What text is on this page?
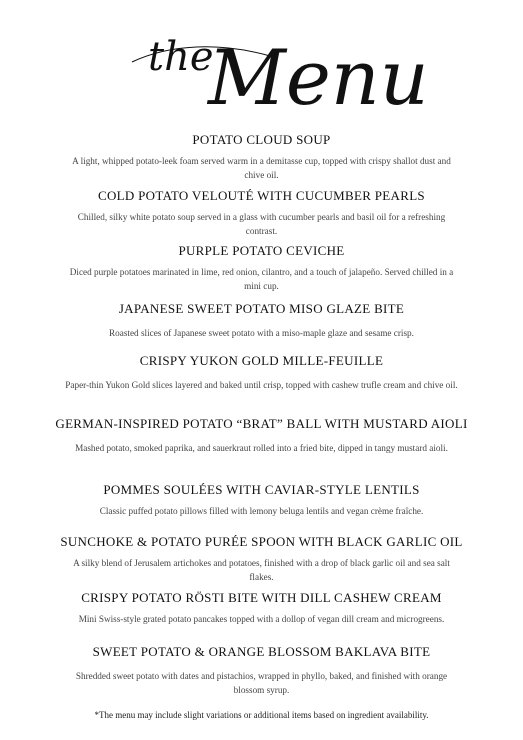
the
Menu
POTATO CLOUD SOUP
A light, whipped potato-leek foam served warm in a demitasse cup, topped with crispy shallot dust and chive oil.
COLD POTATO VELOUTÉ WITH CUCUMBER PEARLS
Chilled, silky white potato soup served in a glass with cucumber pearls and basil oil for a refreshing contrast.
PURPLE POTATO CEVICHE
Diced purple potatoes marinated in lime, red onion, cilantro, and a touch of jalapeño. Served chilled in a mini cup.
JAPANESE SWEET POTATO MISO GLAZE BITE
Roasted slices of Japanese sweet potato with a miso-maple glaze and sesame crisp.
CRISPY YUKON GOLD MILLE-FEUILLE
Paper-thin Yukon Gold slices layered and baked until crisp, topped with cashew trufle cream and chive oil.
GERMAN-INSPIRED POTATO “BRAT” BALL WITH MUSTARD AIOLI
Mashed potato, smoked paprika, and sauerkraut rolled into a fried bite, dipped in tangy mustard aioli.
POMMES SOULÉES WITH CAVIAR-STYLE LENTILS
Classic puffed potato pillows filled with lemony beluga lentils and vegan crème fraîche.
SUNCHOKE & POTATO PURÉE SPOON WITH BLACK GARLIC OIL
A silky blend of Jerusalem artichokes and potatoes, finished with a drop of black garlic oil and sea salt flakes.
CRISPY POTATO RÖSTI BITE WITH DILL CASHEW CREAM
Mini Swiss-style grated potato pancakes topped with a dollop of vegan dill cream and microgreens.
SWEET POTATO & ORANGE BLOSSOM BAKLAVA BITE
Shredded sweet potato with dates and pistachios, wrapped in phyllo, baked, and finished with orange blossom syrup.
*The menu may include slight variations or additional items based on ingredient availability.
